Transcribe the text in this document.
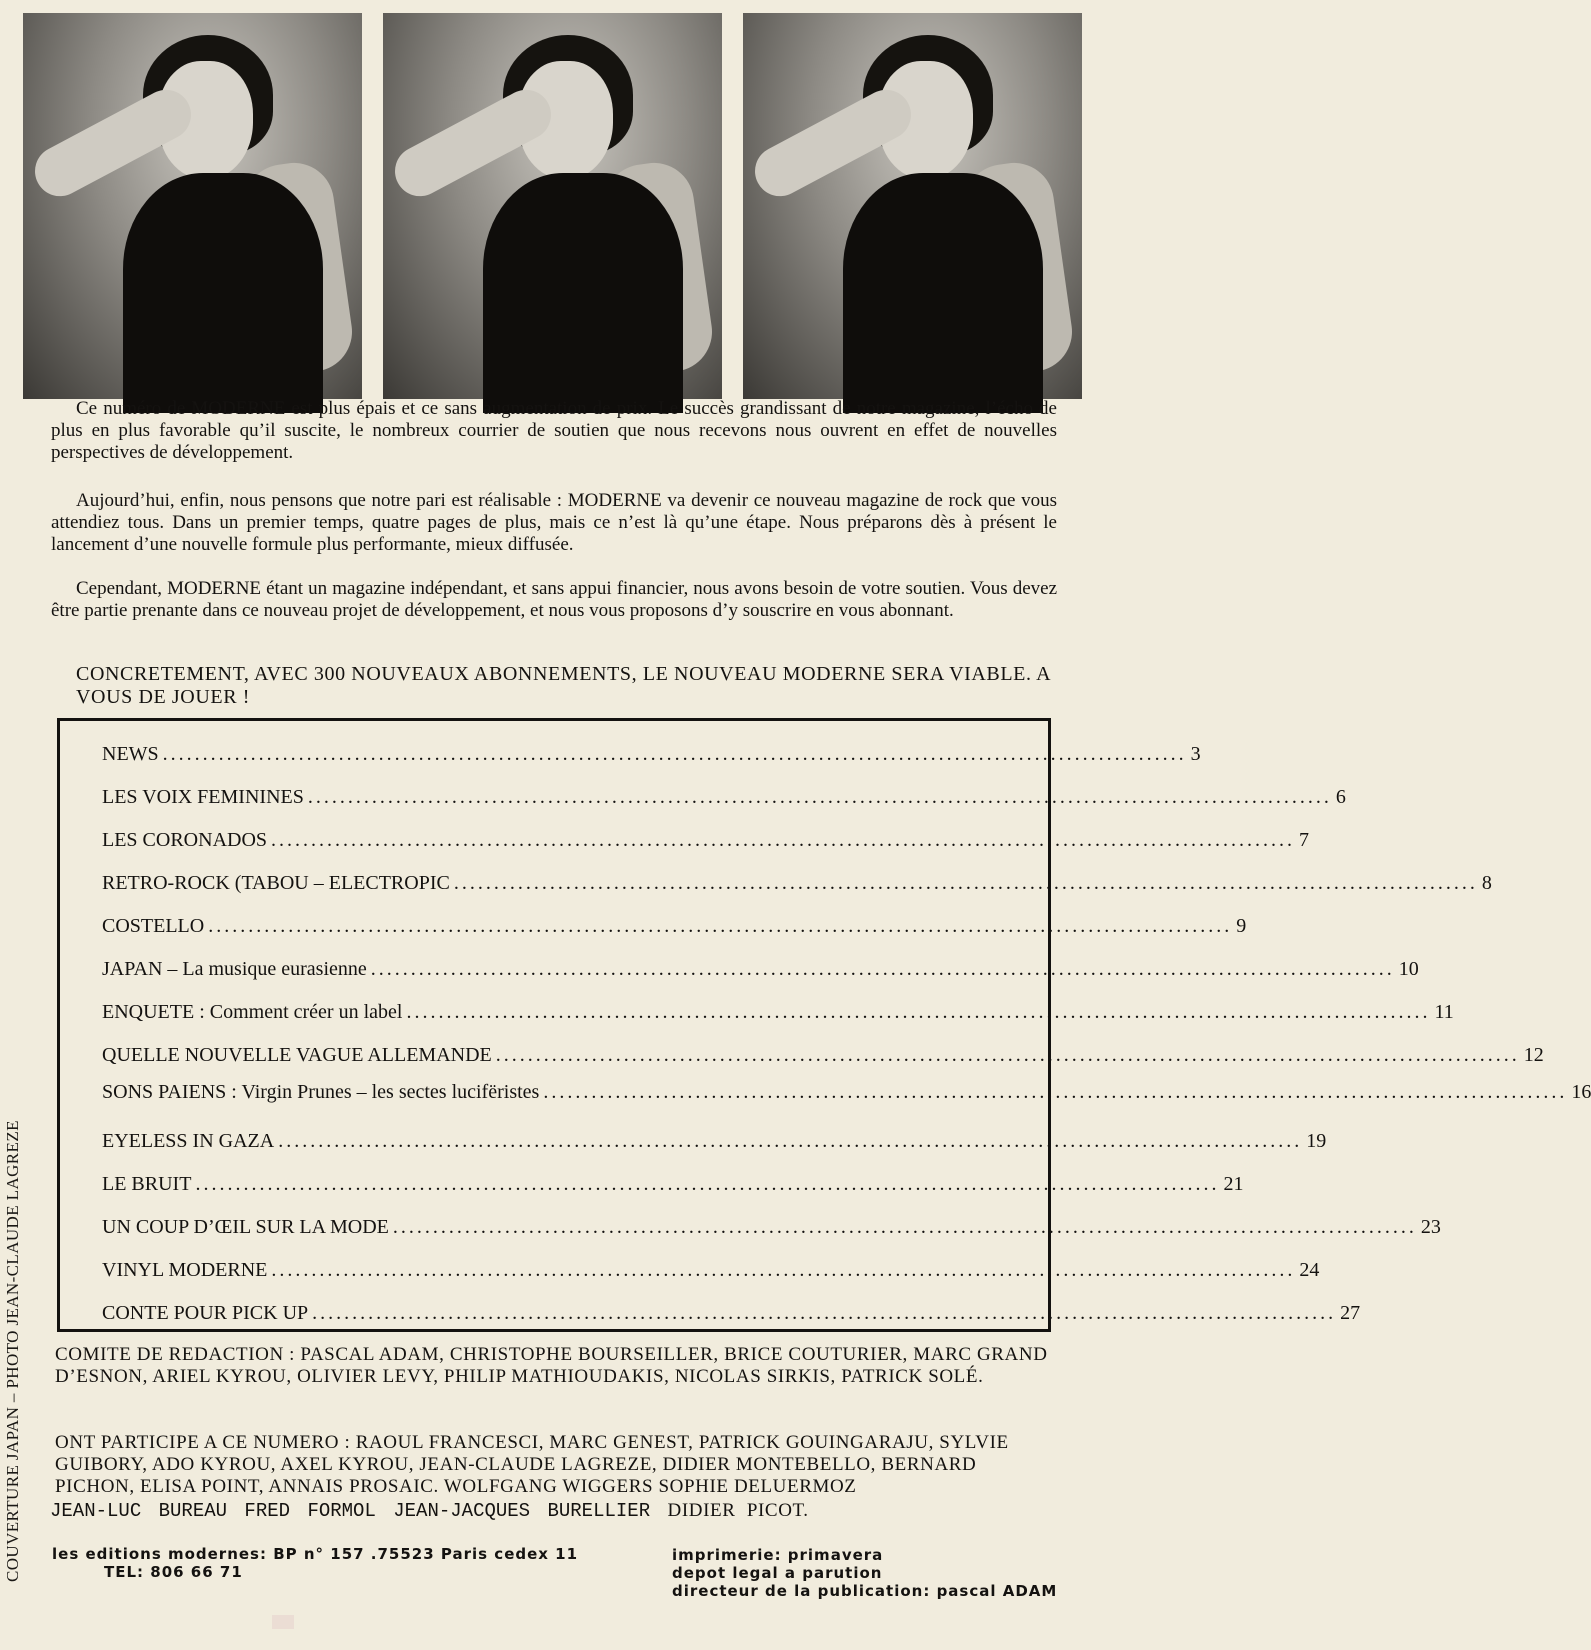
Ce numéro de MODERNE est plus épais et ce sans augmentation de prix. Le succès grandissant de notre magazine, l’écho de plus en plus favorable qu’il suscite, le nombreux courrier de soutien que nous recevons nous ouvrent en effet de nouvelles perspectives de développement.

Aujourd’hui, enfin, nous pensons que notre pari est réalisable : MODERNE va devenir ce nouveau magazine de rock que vous attendiez tous. Dans un premier temps, quatre pages de plus, mais ce n’est là qu’une étape. Nous préparons dès à présent le lancement d’une nouvelle formule plus performante, mieux diffusée.

Cependant, MODERNE étant un magazine indépendant, et sans appui financier, nous avons besoin de votre soutien. Vous devez être partie prenante dans ce nouveau projet de développement, et nous vous proposons d’y souscrire en vous abonnant.

CONCRETEMENT, AVEC 300 NOUVEAUX ABONNEMENTS, LE NOUVEAU MODERNE SERA VIABLE. A VOUS DE JOUER !

NEWS ................................................................................................................................ 3
LES VOIX FEMININES ................................................................................................................................ 6
LES CORONADOS ................................................................................................................................ 7
RETRO-ROCK (TABOU – ELECTROPIC ................................................................................................................................ 8
COSTELLO ................................................................................................................................ 9
JAPAN – La musique eurasienne ................................................................................................................................ 10
ENQUETE : Comment créer un label ................................................................................................................................ 11
QUELLE NOUVELLE VAGUE ALLEMANDE ................................................................................................................................ 12
SONS PAIENS : Virgin Prunes – les sectes lucifëristes ................................................................................................................................ 16
EYELESS IN GAZA ................................................................................................................................ 19
LE BRUIT ................................................................................................................................ 21
UN COUP D’ŒIL SUR LA MODE ................................................................................................................................ 23
VINYL MODERNE ................................................................................................................................ 24
CONTE POUR PICK UP ................................................................................................................................ 27

COMITE DE REDACTION : PASCAL ADAM, CHRISTOPHE BOURSEILLER, BRICE COUTURIER, MARC GRAND D’ESNON, ARIEL KYROU, OLIVIER LEVY, PHILIP MATHIOUDAKIS, NICOLAS SIRKIS, PATRICK SOLÉ.

ONT PARTICIPE A CE NUMERO : RAOUL FRANCESCI, MARC GENEST, PATRICK GOUINGARAJU, SYLVIE GUIBORY, ADO KYROU, AXEL KYROU, JEAN-CLAUDE LAGREZE, DIDIER MONTEBELLO, BERNARD PICHON, ELISA POINT, ANNAIS PROSAIC. WOLFGANG WIGGERS SOPHIE DELUERMOZ

JEAN-LUC BUREAU FRED FORMOL JEAN-JACQUES BURELLIER DIDIER PICOT.
les editions modernes: BP n° 157 .75523 Paris cedex 11
TEL: 806 66 71
imprimerie: primavera
depot legal a parution
directeur de la publication: pascal ADAM
COUVERTURE JAPAN – PHOTO JEAN-CLAUDE LAGREZE
